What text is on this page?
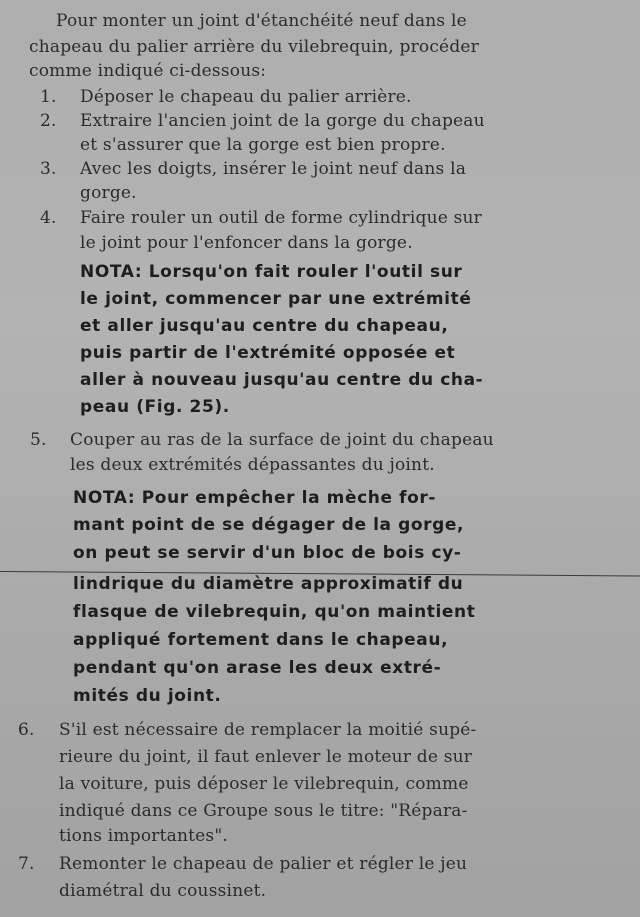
Pour monter un joint d'étanchéité neuf dans le
chapeau du palier arrière du vilebrequin, procéder
comme indiqué ci-dessous:
1. Déposer le chapeau du palier arrière.
2. Extraire l'ancien joint de la gorge du chapeau
et s'assurer que la gorge est bien propre.
3. Avec les doigts, insérer le joint neuf dans la
gorge.
4. Faire rouler un outil de forme cylindrique sur
le joint pour l'enfoncer dans la gorge.
NOTA: Lorsqu'on fait rouler l'outil sur
le joint, commencer par une extrémité
et aller jusqu'au centre du chapeau,
puis partir de l'extrémité opposée et
aller à nouveau jusqu'au centre du cha-
peau (Fig. 25).
5. Couper au ras de la surface de joint du chapeau
les deux extrémités dépassantes du joint.
NOTA: Pour empêcher la mèche for-
mant point de se dégager de la gorge,
on peut se servir d'un bloc de bois cy-
lindrique du diamètre approximatif du
flasque de vilebrequin, qu'on maintient
appliqué fortement dans le chapeau,
pendant qu'on arase les deux extré-
mités du joint.
6. S'il est nécessaire de remplacer la moitié supé-
rieure du joint, il faut enlever le moteur de sur
la voiture, puis déposer le vilebrequin, comme
indiqué dans ce Groupe sous le titre: "Répara-
tions importantes".
7. Remonter le chapeau de palier et régler le jeu
diamétral du coussinet.
